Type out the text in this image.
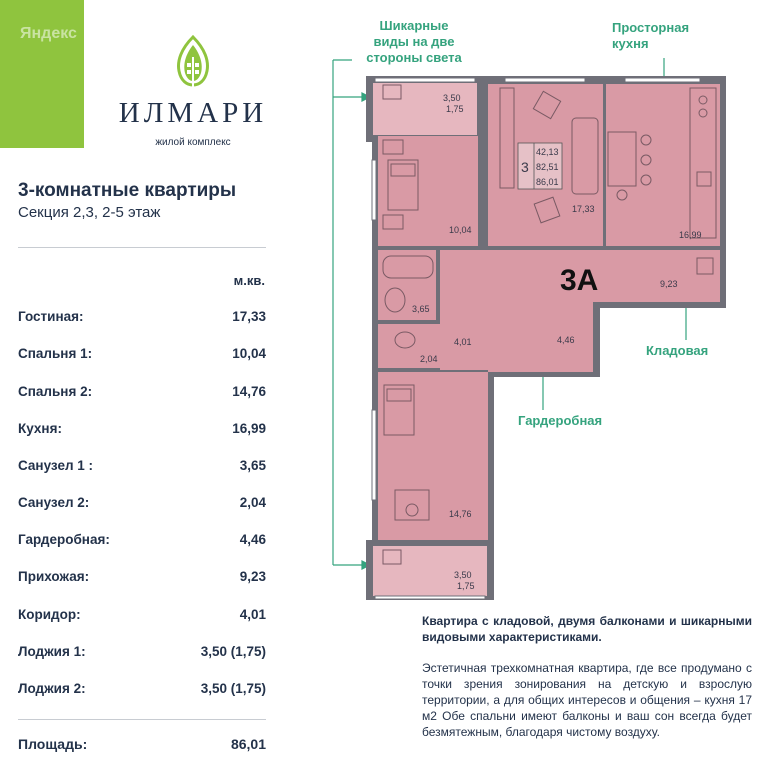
Яндекс
ИЛМАРИ
жилой комплекс
3-комнатные квартиры
Секция 2,3, 2-5 этаж
м.кв.
Гостиная:	17,33
Спальня 1:	10,04
Спальня 2:	14,76
Кухня:	16,99
Санузел 1 :	3,65
Санузел 2:	2,04
Гардеробная:	4,46
Прихожая:	9,23
Коридор:	4,01
Лоджия 1:	3,50 (1,75)
Лоджия 2:	3,50 (1,75)
Площадь:	86,01
3
42,13
82,51
86,01
3,50
1,75
10,04
17,33
16,99
3,65
2,04
4,01
9,23
4,46
14,76
3,50
1,75
3А
Шикарные
виды на две
стороны света
Просторная
кухня
Кладовая
Гардеробная
Квартира с кладовой, двумя балконами и шикарными видовыми характеристиками.
Эстетичная трехкомнатная квартира, где все продумано с точки зрения зонирования на детскую и взрослую территории, а для общих интересов и общения – кухня 17 м2 Обе спальни имеют балконы и ваш сон всегда будет безмятежным, благодаря чистому воздуху.
